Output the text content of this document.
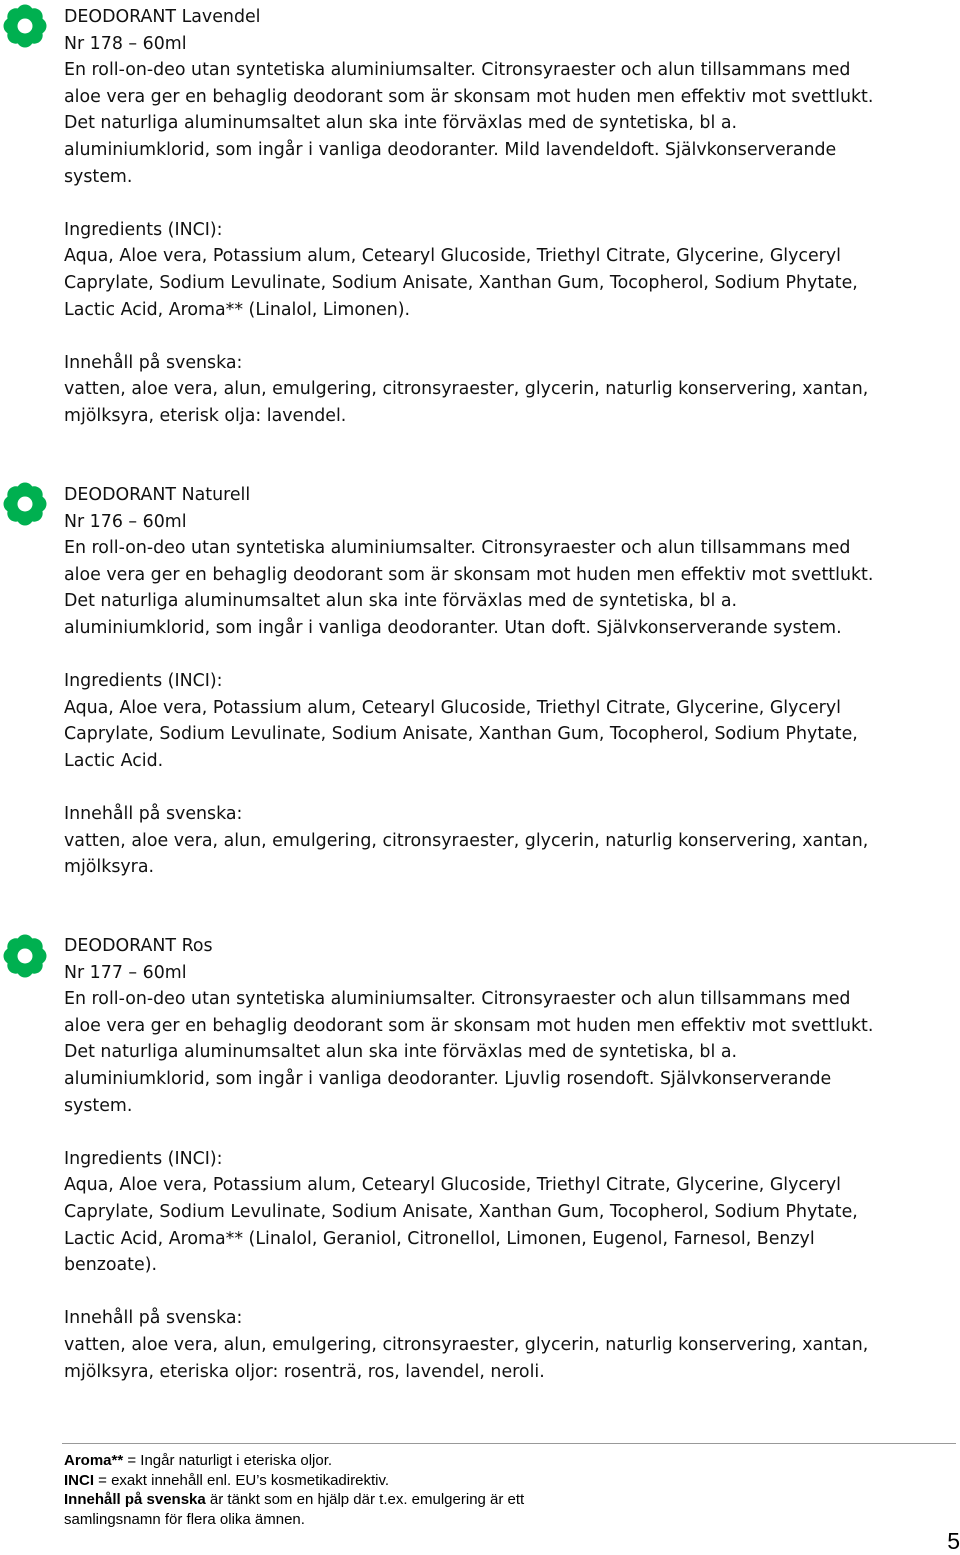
DEODORANT Lavendel
Nr 178 – 60ml
En roll-on-deo utan syntetiska aluminiumsalter. Citronsyraester och alun tillsammans med
aloe vera ger en behaglig deodorant som är skonsam mot huden men effektiv mot svettlukt.
Det naturliga aluminumsaltet alun ska inte förväxlas med de syntetiska, bl a.
aluminiumklorid, som ingår i vanliga deodoranter. Mild lavendeldoft. Självkonserverande
system.
Ingredients (INCI):
Aqua, Aloe vera, Potassium alum, Cetearyl Glucoside, Triethyl Citrate, Glycerine, Glyceryl
Caprylate, Sodium Levulinate, Sodium Anisate, Xanthan Gum, Tocopherol, Sodium Phytate,
Lactic Acid, Aroma** (Linalol, Limonen).
Innehåll på svenska:
vatten, aloe vera, alun, emulgering, citronsyraester, glycerin, naturlig konservering, xantan,
mjölksyra, eterisk olja: lavendel.
DEODORANT Naturell
Nr 176 – 60ml
En roll-on-deo utan syntetiska aluminiumsalter. Citronsyraester och alun tillsammans med
aloe vera ger en behaglig deodorant som är skonsam mot huden men effektiv mot svettlukt.
Det naturliga aluminumsaltet alun ska inte förväxlas med de syntetiska, bl a.
aluminiumklorid, som ingår i vanliga deodoranter. Utan doft. Självkonserverande system.
Ingredients (INCI):
Aqua, Aloe vera, Potassium alum, Cetearyl Glucoside, Triethyl Citrate, Glycerine, Glyceryl
Caprylate, Sodium Levulinate, Sodium Anisate, Xanthan Gum, Tocopherol, Sodium Phytate,
Lactic Acid.
Innehåll på svenska:
vatten, aloe vera, alun, emulgering, citronsyraester, glycerin, naturlig konservering, xantan,
mjölksyra.
DEODORANT Ros
Nr 177 – 60ml
En roll-on-deo utan syntetiska aluminiumsalter. Citronsyraester och alun tillsammans med
aloe vera ger en behaglig deodorant som är skonsam mot huden men effektiv mot svettlukt.
Det naturliga aluminumsaltet alun ska inte förväxlas med de syntetiska, bl a.
aluminiumklorid, som ingår i vanliga deodoranter. Ljuvlig rosendoft. Självkonserverande
system.
Ingredients (INCI):
Aqua, Aloe vera, Potassium alum, Cetearyl Glucoside, Triethyl Citrate, Glycerine, Glyceryl
Caprylate, Sodium Levulinate, Sodium Anisate, Xanthan Gum, Tocopherol, Sodium Phytate,
Lactic Acid, Aroma** (Linalol, Geraniol, Citronellol, Limonen, Eugenol, Farnesol, Benzyl
benzoate).
Innehåll på svenska:
vatten, aloe vera, alun, emulgering, citronsyraester, glycerin, naturlig konservering, xantan,
mjölksyra, eteriska oljor: rosenträ, ros, lavendel, neroli.
Aroma** = Ingår naturligt i eteriska oljor.
INCI = exakt innehåll enl. EU’s kosmetikadirektiv.
Innehåll på svenska är tänkt som en hjälp där t.ex. emulgering är ett
samlingsnamn för flera olika ämnen.
5
